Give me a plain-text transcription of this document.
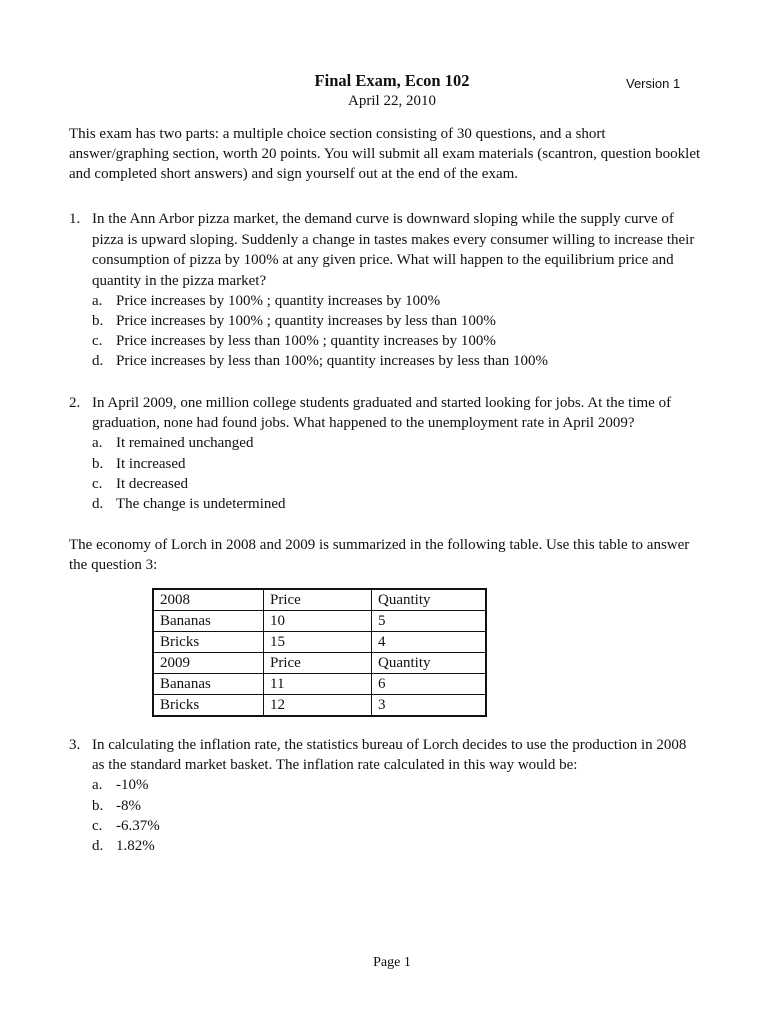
Final Exam, Econ 102
April 22, 2010
Version 1
This exam has two parts: a multiple choice section consisting of 30 questions, and a short answer/graphing section, worth 20 points. You will submit all exam materials (scantron, question booklet and completed short answers) and sign yourself out at the end of the exam.
1. In the Ann Arbor pizza market, the demand curve is downward sloping while the supply curve of
pizza is upward sloping. Suddenly a change in tastes makes every consumer willing to increase their
consumption of pizza by 100% at any given price. What will happen to the equilibrium price and
quantity in the pizza market?
a. Price increases by 100% ; quantity increases by 100%
b. Price increases by 100% ; quantity increases by less than 100%
c. Price increases by less than 100% ; quantity increases by 100%
d. Price increases by less than 100%; quantity increases by less than 100%
2. In April 2009, one million college students graduated and started looking for jobs. At the time of
graduation, none had found jobs. What happened to the unemployment rate in April 2009?
a. It remained unchanged
b. It increased
c. It decreased
d. The change is undetermined
The economy of Lorch in 2008 and 2009 is summarized in the following table. Use this table to answer
the question 3:
2008	Price	Quantity
Bananas	10	5
Bricks	15	4
2009	Price	Quantity
Bananas	11	6
Bricks	12	3
3. In calculating the inflation rate, the statistics bureau of Lorch decides to use the production in 2008
as the standard market basket. The inflation rate calculated in this way would be:
a. -10%
b. -8%
c. -6.37%
d. 1.82%
Page 1
